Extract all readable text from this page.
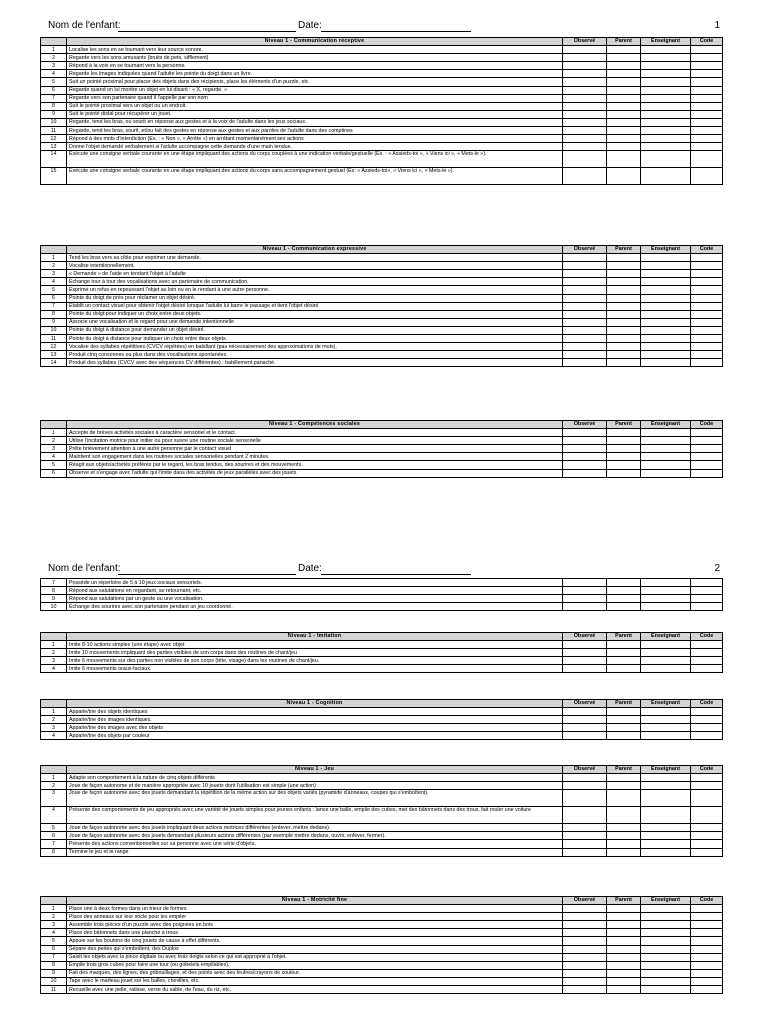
Nom de l'enfant:	Date:	1
	Niveau 1 - Communication réceptive	Observé	Parent	Enseignant	Code
1	Localise les sons en se tournant vers leur source sonore.				
2	Regarde vers les sons amusants (bruits de pets, sifflement)				
3	Répond à la voix en se tournant vers la personne.				
4	Regarde les images indiquées quand l'adulte les pointe du doigt dans un livre.				
5	Suit un pointé proximal pour placer des objets dans des récipients, place les éléments d'un puzzle, etc				
6	Regarde quand on lui montre un objet en lui disant : « X, regarde. »				
7	Regarde vers son partenaire quand il l'appelle par son nom				
8	Suit le pointé proximal vers un objet ou un endroit.				
9	Suit le pointé distal pour récupérer un jouet.				
10	Regarde, tend les bras, ou sourit en réponse aux gestes et à la voix de l'adulte dans les jeux sociaux.				
11	Regarde, tend les bras, sourit, et/ou fait des gestes en réponse aux gestes et aux paroles de l'adulte dans des comptines				
12	Répond à des mots d'interdiction (Ex. : « Non », « Arrête ») en arrêtant momentanément ses actions				
13	Donne l'objet demandé verbalement si l'adulte accompagne cette demande d'une main tendue.				
14	Exécute une consigne verbale courante en une étape impliquant des actions du corps couplées à une indication verbale/gestuelle (Ex. : « Assieds-toi », « Viens ici », « Mets-le »).				
15	Exécute une consigne verbale courante en une étape impliquant des actions du corps sans accompagnement gestuel (Ex: « Assieds-toi», « Viens ici », « Mets-le »).				
	Niveau 1 - Communication expressive	Observé	Parent	Enseignant	Code
1	Tend les bras vers sa cible pour exprimer une demande.				
2	Vocalise intentionnellement.				
3	« Demande » de l'aide en tendant l'objet à l'adulte				
4	Échange tour à tour des vocalisations avec un partenaire de communication.				
5	Exprime un refus en repoussant l'objet au loin ou en le rendant à une autre personne.				
6	Pointe du doigt de près pour réclamer un objet désiré.				
7	Établit un contact visuel pour obtenir l'objet désiré lorsque l'adulte lui barre le passage et tient l'objet désiré				
8	Pointe du doigt pour indiquer un choix entre deux objets.				
9	Associe une vocalisation et le regard pour une demande intentionnelle				
10	Pointe du doigt à distance pour demander un objet désiré.				
11	Pointe du doigt à distance pour indiquer un choix entre deux objets.				
12	Vocalise des syllabes répétitives (CVCV répétées) en babillant (pas nécessairement des approximations de mots).				
13	Produit cinq consonnes ou plus dans des vocalisations spontanées.				
14	Produit des syllabes (CVCV avec des séquences CV différentes) : babillement panaché.				
	Niveau 1 - Compétences sociales	Observé	Parent	Enseignant	Code
1	Accepte de brèves activités sociales à caractère sensoriel et le contact.				
2	Utilise l'incitation motrice pour initier ou pour suivre une routine sociale sensorielle				
3	Prête brièvement attention à une autre personne par le contact visuel				
4	Maintient son engagement dans les routines sociales sensorielles pendant 2 minutes.				
5	Réagit aux objets/activités préférés par le regard, les bras tendus, des sourires et des mouvements.				
6	Observe et s'engage avec l'adulte qui l'imite dans des activités de jeux parallèles avec des jouets				
Nom de l'enfant:	Date:	2
7	Possède un répertoire de 5 à 10 jeux sociaux sensoriels.				
8	Répond aux salutations en regardant, se retournant, etc.				
9	Répond aux salutations par un geste ou une vocalisation.				
10	Échange des sourires avec son partenaire pendant un jeu coordonné.				
	Niveau 1 - Imitation	Observé	Parent	Enseignant	Code
1	Imite 8-10 actions simples (une étape) avec objet				
2	Imite 10 mouvements impliquant des parties visibles de son corps dans des routines de chant/jeu				
3	Imite 6 mouvements sur des parties non visibles de son corps (tête, visage) dans les routines de chant/jeu.				
4	Imite 6 mouvements oraux-faciaux.				
	Niveau 1 - Cognition	Observé	Parent	Enseignant	Code
1	Apparie/trie des objets identiques				
2	Apparie/trie des images identiques.				
3	Apparie/trie des images avec des objets				
4	Apparie/trie des objets par couleur				
	Niveau 1 - Jeu	Observé	Parent	Enseignant	Code
1	Adapte son comportement à la nature de cinq objets différents				
2	Joue de façon autonome et de manière appropriée avec 10 jouets dont l'utilisation est simple (une action)				
3	Joue de façon autonome avec des jouets demandant la répétition de la même action sur des objets variés (pyramide d'anneaux, coupes qui s'emboîtent).				
4	Présente des comportements de jeu appropriés avec une variété de jouets simples pour jeunes enfants : lance une balle, emplie des cubes, met des bâtonnets dans des trous, fait rouler une voiture				
5	Joue de façon autonome avec des jouets impliquant deux actions motrices différentes (enlever, mettre dedans).				
6	Joue de façon autonome avec des jouets demandant plusieurs actions différentes (par exemple mettre dedans, ouvrir, enlever, fermer).				
7	Présente des actions conventionnelles sur sa personne avec une série d'objets.				
8	Termine le jeu et le range				
	Niveau 1 - Motricité fine	Observé	Parent	Enseignant	Code
1	Place une à deux formes dans un trieur de formes				
2	Place des anneaux sur leur socle pour les empiler				
3	Assemble trois pièces d'un puzzle avec des poignées en bois				
4	Place des bâtonnets dans une planche à trous				
5	Appuie sur les boutons de cinq jouets de cause à effet différents.				
6	Sépare des perles qui s'emboîtent, des Duplos				
7	Saisit les objets avec la pince digitale ou avec trois doigts selon ce qui est approprié à l'objet.				
8	Empile trois gros cubes pour faire une tour (ou gobelets empilables).				
9	Fait des marques, des lignes, des gribouillages, et des points avec des feutres/crayons de couleur.				
10	Tape avec le marteau jouet sur les balles, chevilles, etc.				
11	Recueille avec une pelle, ratisse, verse du sable, de l'eau, du riz, etc.				
